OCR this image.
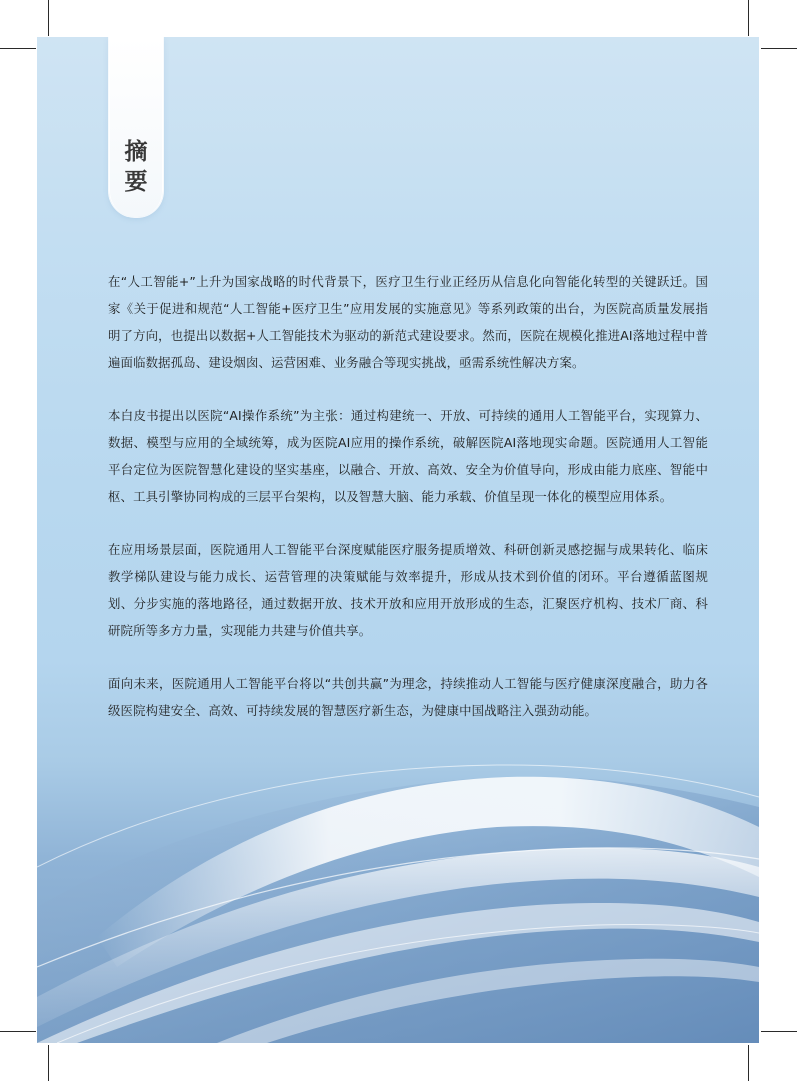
摘
要

在“人工智能+”上升为国家战略的时代背景下，医疗卫生行业正经历从信息化向智能化转型的关键跃迁。国家《关于促进和规范“人工智能+医疗卫生”应用发展的实施意见》等系列政策的出台，为医院高质量发展指明了方向，也提出以数据+人工智能技术为驱动的新范式建设要求。然而，医院在规模化推进AI落地过程中普遍面临数据孤岛、建设烟囱、运营困难、业务融合等现实挑战，亟需系统性解决方案。

本白皮书提出以医院“AI操作系统”为主张：通过构建统一、开放、可持续的通用人工智能平台，实现算力、数据、模型与应用的全域统筹，成为医院AI应用的操作系统，破解医院AI落地现实命题。医院通用人工智能平台定位为医院智慧化建设的坚实基座，以融合、开放、高效、安全为价值导向，形成由能力底座、智能中枢、工具引擎协同构成的三层平台架构，以及智慧大脑、能力承载、价值呈现一体化的模型应用体系。

在应用场景层面，医院通用人工智能平台深度赋能医疗服务提质增效、科研创新灵感挖掘与成果转化、临床教学梯队建设与能力成长、运营管理的决策赋能与效率提升，形成从技术到价值的闭环。平台遵循蓝图规划、分步实施的落地路径，通过数据开放、技术开放和应用开放形成的生态，汇聚医疗机构、技术厂商、科研院所等多方力量，实现能力共建与价值共享。

面向未来，医院通用人工智能平台将以“共创共赢”为理念，持续推动人工智能与医疗健康深度融合，助力各级医院构建安全、高效、可持续发展的智慧医疗新生态，为健康中国战略注入强劲动能。
